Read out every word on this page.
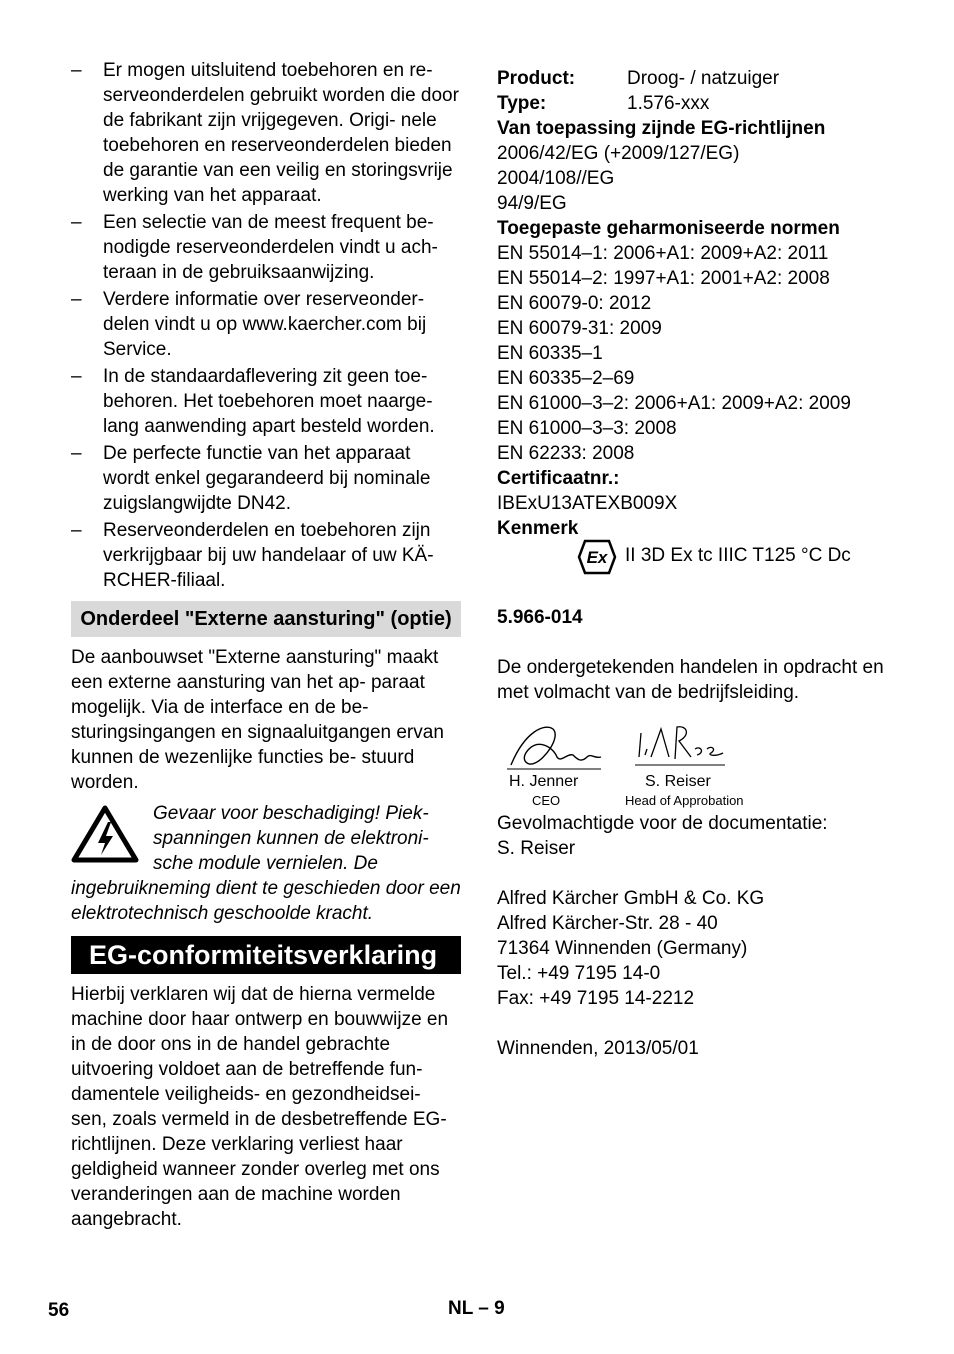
– Er mogen uitsluitend toebehoren en re- serveonderdelen gebruikt worden die door de fabrikant zijn vrijgegeven. Origi- nele toebehoren en reserveonderdelen bieden de garantie van een veilig en storingsvrije werking van het apparaat.
– Een selectie van de meest frequent be- nodigde reserveonderdelen vindt u ach- teraan in de gebruiksaanwijzing.
– Verdere informatie over reserveonder- delen vindt u op www.kaercher.com bij Service.
– In de standaardaflevering zit geen toe- behoren. Het toebehoren moet naarge- lang aanwending apart besteld worden.
– De perfecte functie van het apparaat wordt enkel gegarandeerd bij nominale zuigslangwijdte DN42.
– Reserveonderdelen en toebehoren zijn verkrijgbaar bij uw handelaar of uw KÄ- RCHER-filiaal.
Onderdeel "Externe aansturing" (optie)

De aanbouwset "Externe aansturing" maakt een externe aansturing van het ap- paraat mogelijk. Via de interface en de be- sturingsingangen en signaaluitgangen ervan kunnen de wezenlijke functies be- stuurd worden.

Gevaar voor beschadiging! Piek- spanningen kunnen de elektroni- sche module vernielen. De ingebruikneming dient te geschieden door een elektrotechnisch geschoolde kracht.
EG-conformiteitsverklaring

Hierbij verklaren wij dat de hierna vermelde machine door haar ontwerp en bouwwijze en in de door ons in de handel gebrachte uitvoering voldoet aan de betreffende fun- damentele veiligheids- en gezondheidsei- sen, zoals vermeld in de desbetreffende EG-richtlijnen. Deze verklaring verliest haar geldigheid wanneer zonder overleg met ons veranderingen aan de machine worden aangebracht.

Product:	Droog- / natzuiger
Type:	1.576-xxx
Van toepassing zijnde EG-richtlijnen
2006/42/EG (+2009/127/EG)
2004/108//EG
94/9/EG
Toegepaste geharmoniseerde normen
EN 55014–1: 2006+A1: 2009+A2: 2011
EN 55014–2: 1997+A1: 2001+A2: 2008
EN 60079-0: 2012
EN 60079-31: 2009
EN 60335–1
EN 60335–2–69
EN 61000–3–2: 2006+A1: 2009+A2: 2009
EN 61000–3–3: 2008
EN 62233: 2008
Certificaatnr.:
IBExU13ATEXB009X
Kenmerk
Ex II 3D Ex tc IIIC T125 °C Dc
5.966-014

De ondergetekenden handelen in opdracht en met volmacht van de bedrijfsleiding.

H. Jenner
CEO
S. Reiser
Head of Approbation
Gevolmachtigde voor de documentatie:
S. Reiser
Alfred Kärcher GmbH & Co. KG
Alfred Kärcher-Str. 28 - 40
71364 Winnenden (Germany)
Tel.: +49 7195 14-0
Fax: +49 7195 14-2212
Winnenden, 2013/05/01
56	NL – 9
